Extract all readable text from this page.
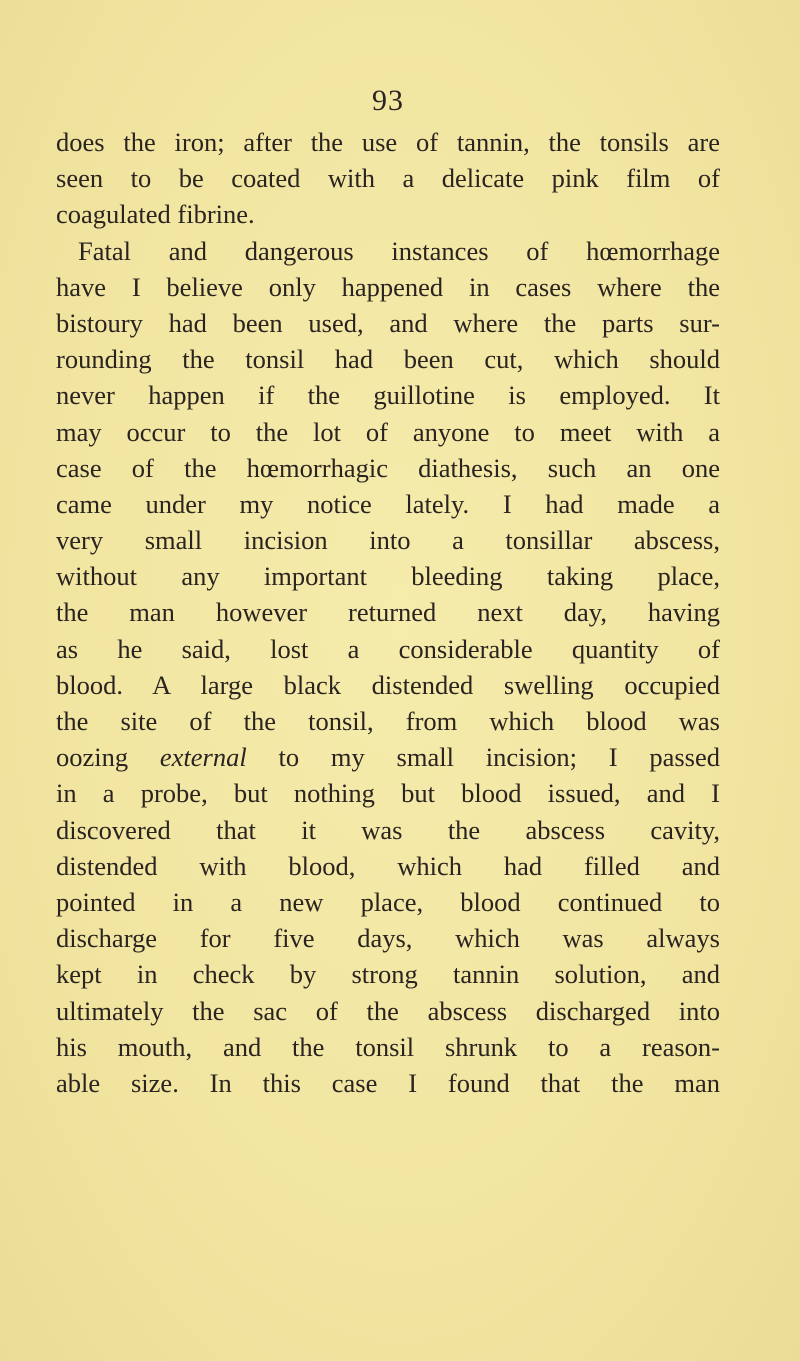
93
does the iron; after the use of tannin, the tonsils are
seen to be coated with a delicate pink film of
coagulated fibrine.
Fatal and dangerous instances of hœmorrhage
have I believe only happened in cases where the
bistoury had been used, and where the parts sur-
rounding the tonsil had been cut, which should
never happen if the guillotine is employed. It
may occur to the lot of anyone to meet with a
case of the hœmorrhagic diathesis, such an one
came under my notice lately. I had made a
very small incision into a tonsillar abscess,
without any important bleeding taking place,
the man however returned next day, having
as he said, lost a considerable quantity of
blood. A large black distended swelling occupied
the site of the tonsil, from which blood was
oozing external to my small incision; I passed
in a probe, but nothing but blood issued, and I
discovered that it was the abscess cavity,
distended with blood, which had filled and
pointed in a new place, blood continued to
discharge for five days, which was always
kept in check by strong tannin solution, and
ultimately the sac of the abscess discharged into
his mouth, and the tonsil shrunk to a reason-
able size. In this case I found that the man
